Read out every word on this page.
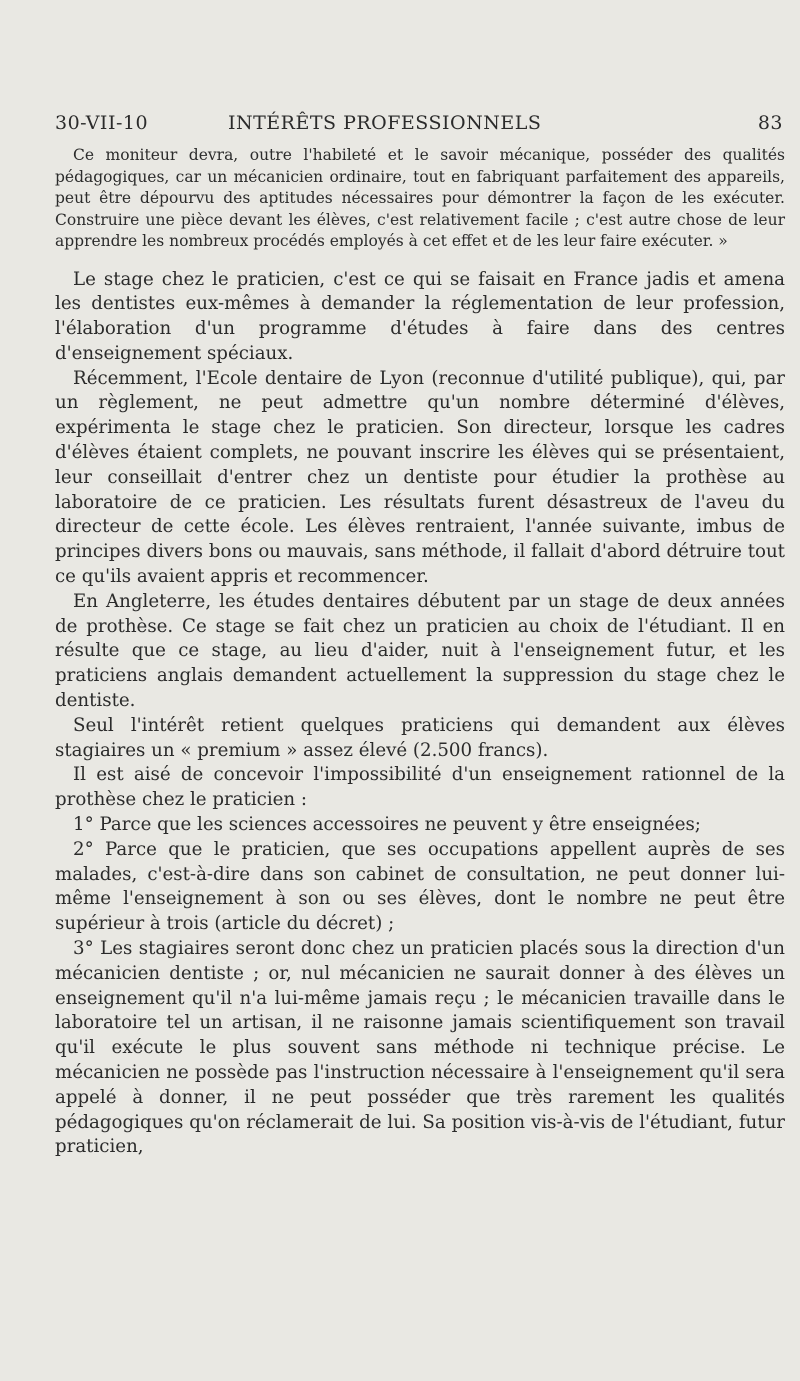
30-VII-10	INTÉRÊTS PROFESSIONNELS	83

Ce moniteur devra, outre l'habileté et le savoir mécanique, posséder des qualités pédagogiques, car un mécanicien ordinaire, tout en fabriquant parfaitement des appareils, peut être dépourvu des aptitudes nécessaires pour démontrer la façon de les exécuter. Construire une pièce devant les élèves, c'est relativement facile ; c'est autre chose de leur apprendre les nombreux procédés employés à cet effet et de les leur faire exécuter. »

Le stage chez le praticien, c'est ce qui se faisait en France jadis et amena les dentistes eux-mêmes à demander la réglementation de leur profession, l'élaboration d'un programme d'études à faire dans des centres d'enseignement spéciaux.

Récemment, l'Ecole dentaire de Lyon (reconnue d'utilité publique), qui, par un règlement, ne peut admettre qu'un nombre déterminé d'élèves, expérimenta le stage chez le praticien. Son directeur, lorsque les cadres d'élèves étaient complets, ne pouvant inscrire les élèves qui se présentaient, leur conseillait d'entrer chez un dentiste pour étudier la prothèse au laboratoire de ce praticien. Les résultats furent désastreux de l'aveu du directeur de cette école. Les élèves rentraient, l'année suivante, imbus de principes divers bons ou mauvais, sans méthode, il fallait d'abord détruire tout ce qu'ils avaient appris et recommencer.

En Angleterre, les études dentaires débutent par un stage de deux années de prothèse. Ce stage se fait chez un praticien au choix de l'étudiant. Il en résulte que ce stage, au lieu d'aider, nuit à l'enseignement futur, et les praticiens anglais demandent actuellement la suppression du stage chez le dentiste.

Seul l'intérêt retient quelques praticiens qui demandent aux élèves stagiaires un « premium » assez élevé (2.500 francs).

Il est aisé de concevoir l'impossibilité d'un enseignement rationnel de la prothèse chez le praticien :

1° Parce que les sciences accessoires ne peuvent y être enseignées;

2° Parce que le praticien, que ses occupations appellent auprès de ses malades, c'est-à-dire dans son cabinet de consultation, ne peut donner lui-même l'enseignement à son ou ses élèves, dont le nombre ne peut être supérieur à trois (article du décret) ;

3° Les stagiaires seront donc chez un praticien placés sous la direction d'un mécanicien dentiste ; or, nul mécanicien ne saurait donner à des élèves un enseignement qu'il n'a lui-même jamais reçu ; le mécanicien travaille dans le laboratoire tel un artisan, il ne raisonne jamais scientifiquement son travail qu'il exécute le plus souvent sans méthode ni technique précise. Le mécanicien ne possède pas l'instruction nécessaire à l'enseignement qu'il sera appelé à donner, il ne peut posséder que très rarement les qualités pédagogiques qu'on réclamerait de lui. Sa position vis-à-vis de l'étudiant, futur praticien,
